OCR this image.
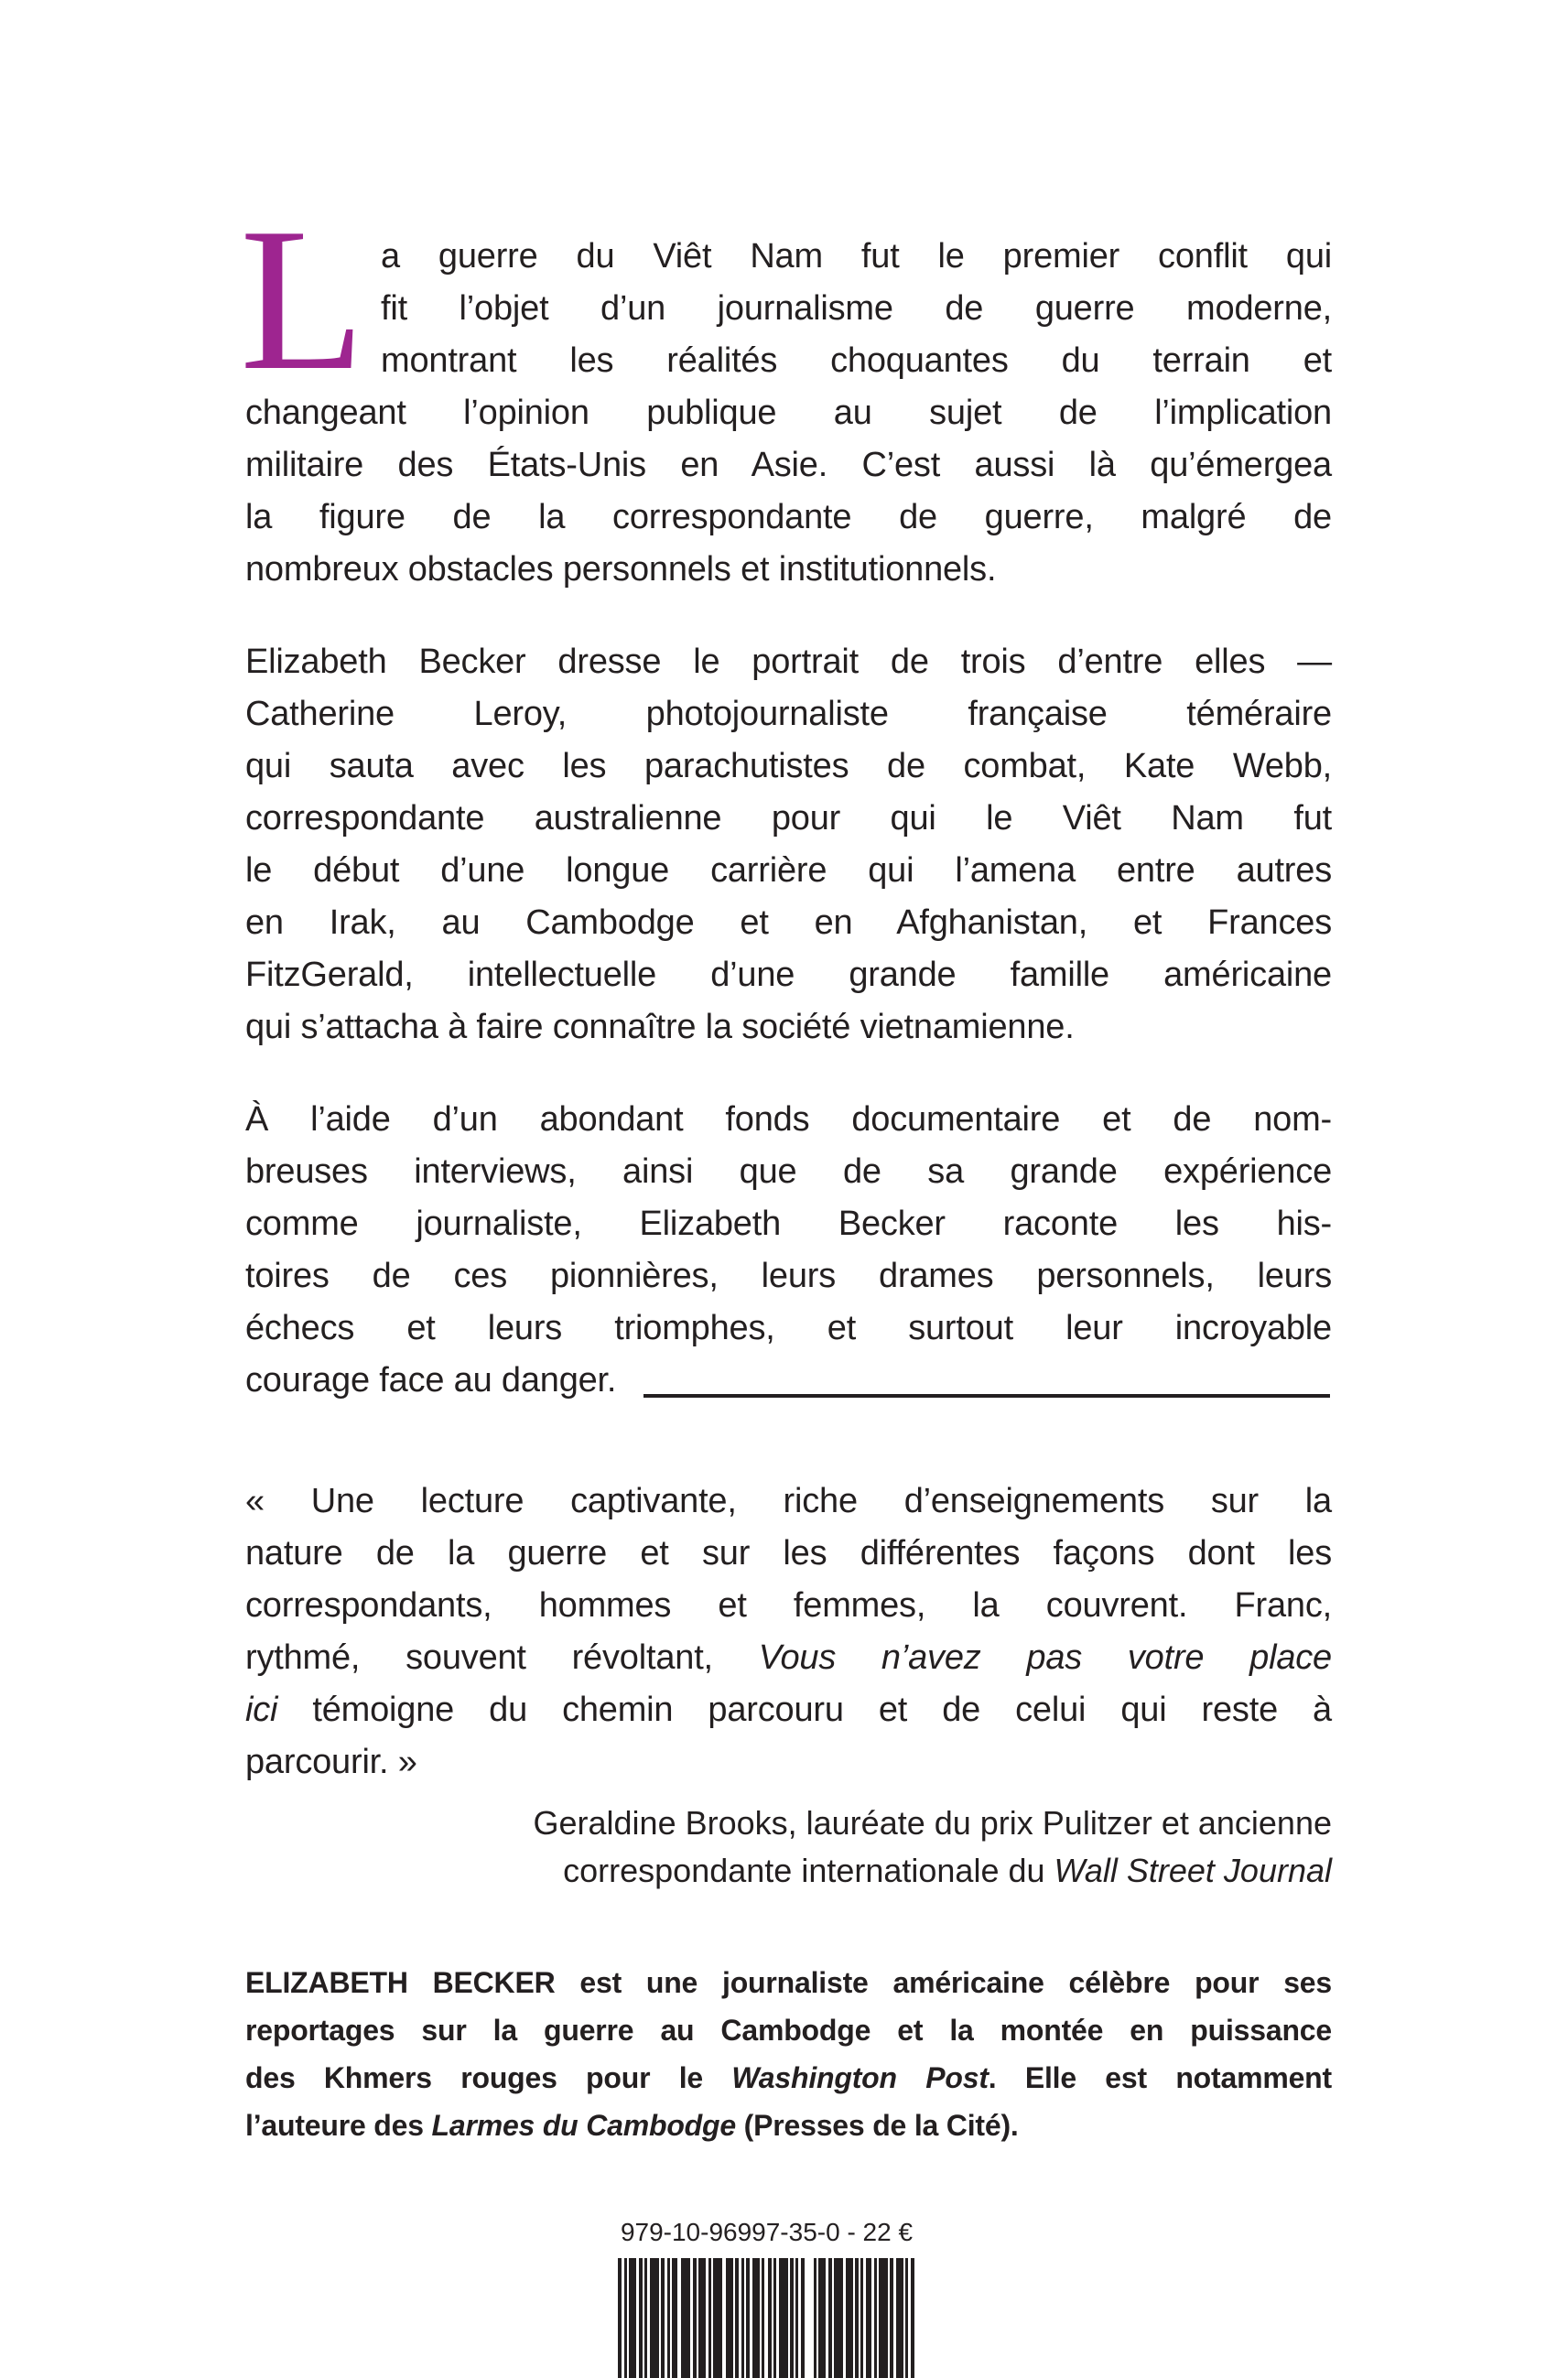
L a guerre du Viêt Nam fut le premier conflit qui
fit l’objet d’un journalisme de guerre moderne,
montrant les réalités choquantes du terrain et
changeant l’opinion publique au sujet de l’implication
militaire des États-Unis en Asie. C’est aussi là qu’émergea
la figure de la correspondante de guerre, malgré de
nombreux obstacles personnels et institutionnels.
Elizabeth Becker dresse le portrait de trois d’entre elles —
Catherine Leroy, photojournaliste française téméraire
qui sauta avec les parachutistes de combat, Kate Webb,
correspondante australienne pour qui le Viêt Nam fut
le début d’une longue carrière qui l’amena entre autres
en Irak, au Cambodge et en Afghanistan, et Frances
FitzGerald, intellectuelle d’une grande famille américaine
qui s’attacha à faire connaître la société vietnamienne.
À l’aide d’un abondant fonds documentaire et de nom-
breuses interviews, ainsi que de sa grande expérience
comme journaliste, Elizabeth Becker raconte les his-
toires de ces pionnières, leurs drames personnels, leurs
échecs et leurs triomphes, et surtout leur incroyable
courage face au danger.
« Une lecture captivante, riche d’enseignements sur la
nature de la guerre et sur les différentes façons dont les
correspondants, hommes et femmes, la couvrent. Franc,
rythmé, souvent révoltant, Vous n’avez pas votre place
ici témoigne du chemin parcouru et de celui qui reste à
parcourir. »
Geraldine Brooks, lauréate du prix Pulitzer et ancienne
correspondante internationale du Wall Street Journal
ELIZABETH BECKER est une journaliste américaine célèbre pour ses
reportages sur la guerre au Cambodge et la montée en puissance
des Khmers rouges pour le Washington Post. Elle est notamment
l’auteure des Larmes du Cambodge (Presses de la Cité).
979-10-96997-35-0 - 22 €
